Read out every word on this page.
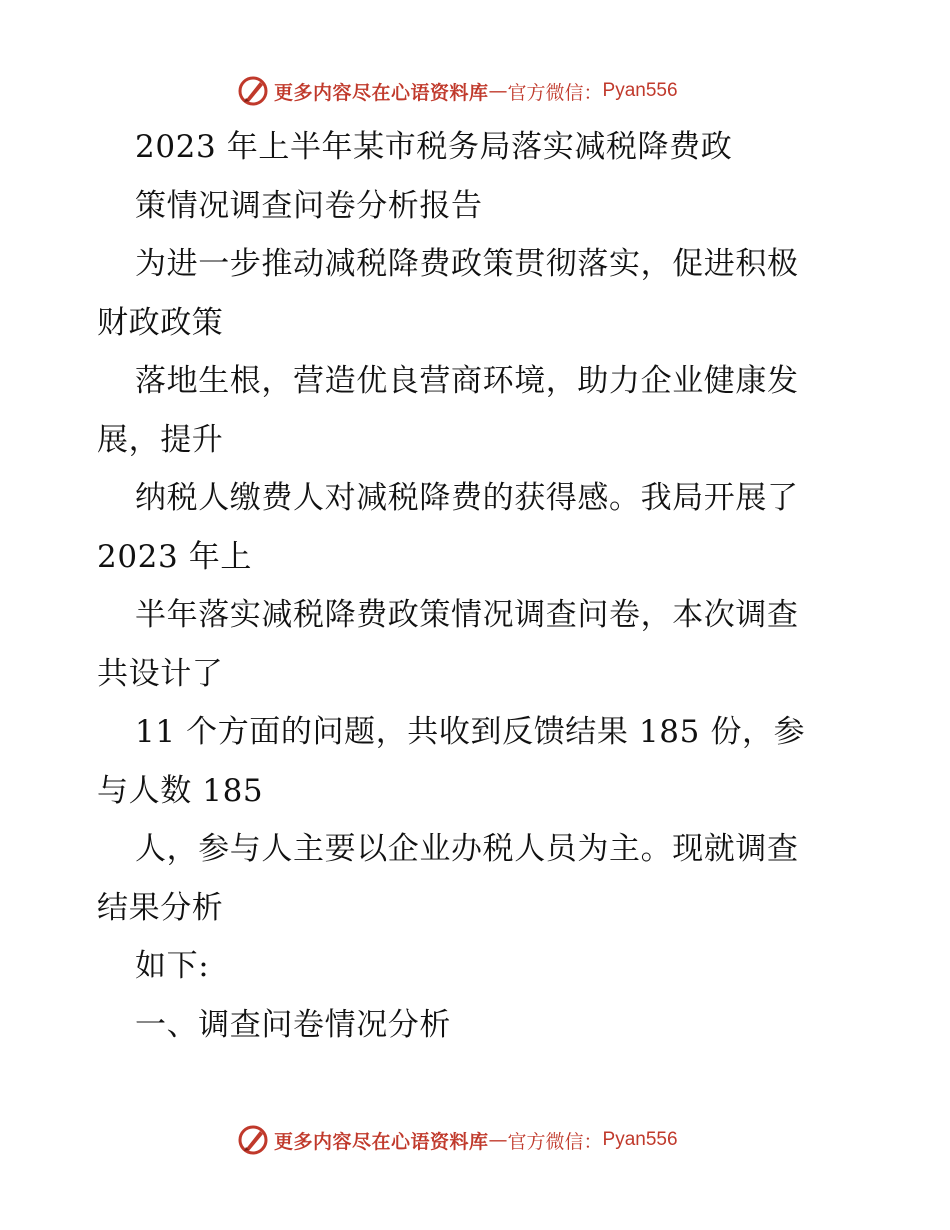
更多内容尽在心语资料库 — 官方微信： Pyan556
2023 年上半年某市税务局落实减税降费政
策情况调查问卷分析报告
为进一步推动减税降费政策贯彻落实，促进积极
财政政策
落地生根，营造优良营商环境，助力企业健康发
展，提升
纳税人缴费人对减税降费的获得感。我局开展了
2023 年上
半年落实减税降费政策情况调查问卷，本次调查
共设计了
11 个方面的问题，共收到反馈结果 185 份，参
与人数 185
人，参与人主要以企业办税人员为主。现就调查
结果分析
如下:
一、调查问卷情况分析
更多内容尽在心语资料库 — 官方微信： Pyan556
